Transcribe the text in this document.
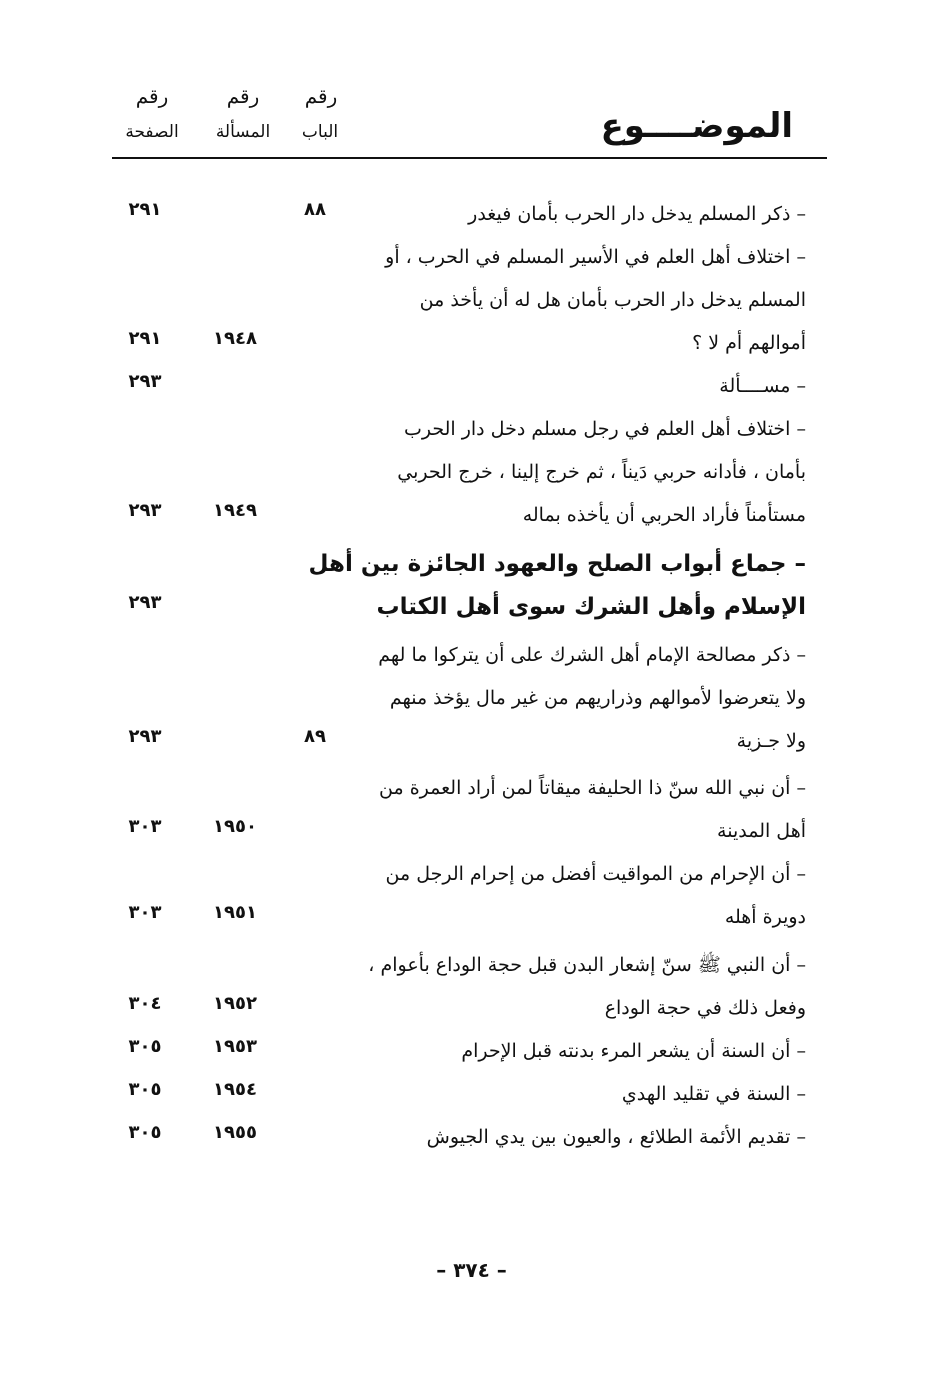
رقم
رقم
رقم
الباب
المسألة
الصفحة	الموضــــوع
– ذكر المسلم يدخل دار الحرب بأمان فيغدر
٨٨
٢٩١
– اختلاف أهل العلم في الأسير المسلم في الحرب ، أو
المسلم يدخل دار الحرب بأمان هل له أن يأخذ من
أموالهم أم لا ؟
١٩٤٨
٢٩١
– مســــألة
٢٩٣
– اختلاف أهل العلم في رجل مسلم دخل دار الحرب
بأمان ، فأدانه حربي دَيناً ، ثم خرج إلينا ، خرج الحربي
مستأمناً فأراد الحربي أن يأخذه بماله
١٩٤٩
٢٩٣
– جماع أبواب الصلح والعهود الجائزة بين أهل
الإسلام وأهل الشرك سوى أهل الكتاب
٢٩٣
– ذكر مصالحة الإمام أهل الشرك على أن يتركوا ما لهم
ولا يتعرضوا لأموالهم وذراريهم من غير مال يؤخذ منهم
ولا جـزية
٨٩
٢٩٣
– أن نبي الله سنّ ذا الحليفة ميقاتاً لمن أراد العمرة من
أهل المدينة
١٩٥٠
٣٠٣
– أن الإحرام من المواقيت أفضل من إحرام الرجل من
دويرة أهله
١٩٥١
٣٠٣
– أن النبي ﷺ سنّ إشعار البدن قبل حجة الوداع بأعوام ،
وفعل ذلك في حجة الوداع
١٩٥٢
٣٠٤
– أن السنة أن يشعر المرء بدنته قبل الإحرام
١٩٥٣
٣٠٥
– السنة في تقليد الهدي
١٩٥٤
٣٠٥
– تقديم الأئمة الطلائع ، والعيون بين يدي الجيوش
١٩٥٥
٣٠٥
– ٣٧٤ –
